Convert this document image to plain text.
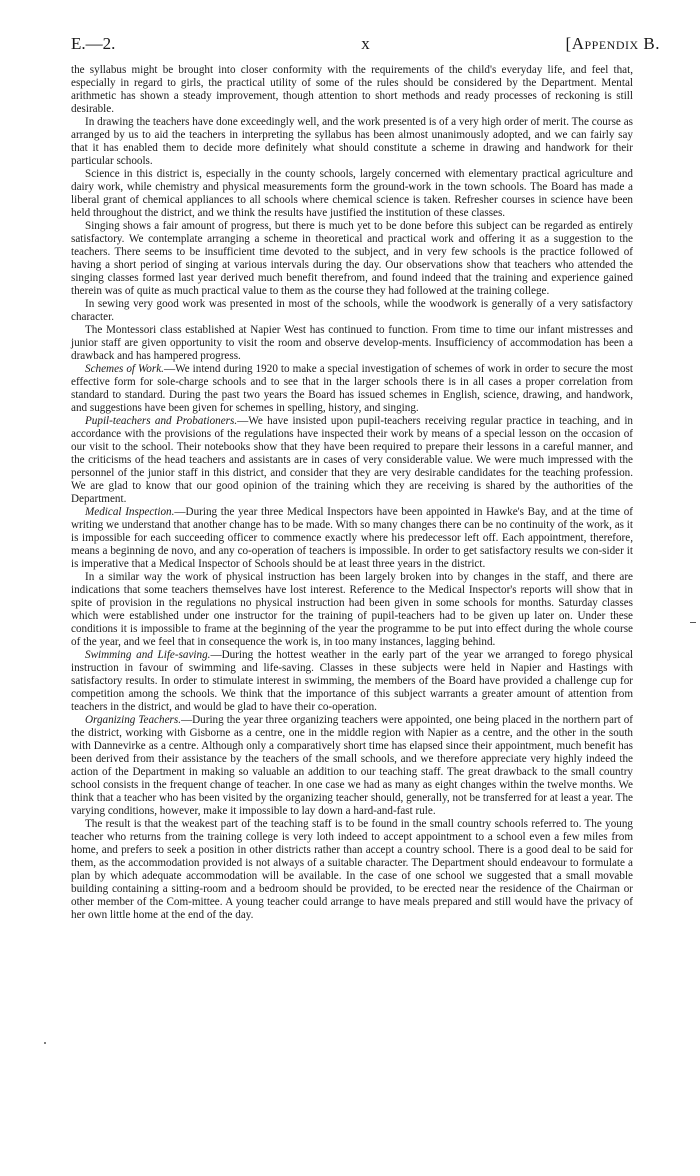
E.—2.	x	[Appendix B.

the syllabus might be brought into closer conformity with the requirements of the child's everyday life, and feel that, especially in regard to girls, the practical utility of some of the rules should be considered by the Department. Mental arithmetic has shown a steady improvement, though attention to short methods and ready processes of reckoning is still desirable.

In drawing the teachers have done exceedingly well, and the work presented is of a very high order of merit. The course as arranged by us to aid the teachers in interpreting the syllabus has been almost unanimously adopted, and we can fairly say that it has enabled them to decide more definitely what should constitute a scheme in drawing and handwork for their particular schools.

Science in this district is, especially in the county schools, largely concerned with elementary practical agriculture and dairy work, while chemistry and physical measurements form the ground-work in the town schools. The Board has made a liberal grant of chemical appliances to all schools where chemical science is taken. Refresher courses in science have been held throughout the district, and we think the results have justified the institution of these classes.

Singing shows a fair amount of progress, but there is much yet to be done before this subject can be regarded as entirely satisfactory. We contemplate arranging a scheme in theoretical and practical work and offering it as a suggestion to the teachers. There seems to be insufficient time devoted to the subject, and in very few schools is the practice followed of having a short period of singing at various intervals during the day. Our observations show that teachers who attended the singing classes formed last year derived much benefit therefrom, and found indeed that the training and experience gained therein was of quite as much practical value to them as the course they had followed at the training college.

In sewing very good work was presented in most of the schools, while the woodwork is generally of a very satisfactory character.

The Montessori class established at Napier West has continued to function. From time to time our infant mistresses and junior staff are given opportunity to visit the room and observe develop-ments. Insufficiency of accommodation has been a drawback and has hampered progress.

Schemes of Work.—We intend during 1920 to make a special investigation of schemes of work in order to secure the most effective form for sole-charge schools and to see that in the larger schools there is in all cases a proper correlation from standard to standard. During the past two years the Board has issued schemes in English, science, drawing, and handwork, and suggestions have been given for schemes in spelling, history, and singing.

Pupil-teachers and Probationers.—We have insisted upon pupil-teachers receiving regular practice in teaching, and in accordance with the provisions of the regulations have inspected their work by means of a special lesson on the occasion of our visit to the school. Their notebooks show that they have been required to prepare their lessons in a careful manner, and the criticisms of the head teachers and assistants are in cases of very considerable value. We were much impressed with the personnel of the junior staff in this district, and consider that they are very desirable candidates for the teaching profession. We are glad to know that our good opinion of the training which they are receiving is shared by the authorities of the Department.

Medical Inspection.—During the year three Medical Inspectors have been appointed in Hawke's Bay, and at the time of writing we understand that another change has to be made. With so many changes there can be no continuity of the work, as it is impossible for each succeeding officer to commence exactly where his predecessor left off. Each appointment, therefore, means a beginning de novo, and any co-operation of teachers is impossible. In order to get satisfactory results we con-sider it is imperative that a Medical Inspector of Schools should be at least three years in the district.

In a similar way the work of physical instruction has been largely broken into by changes in the staff, and there are indications that some teachers themselves have lost interest. Reference to the Medical Inspector's reports will show that in spite of provision in the regulations no physical instruction had been given in some schools for months. Saturday classes which were established under one instructor for the training of pupil-teachers had to be given up later on. Under these conditions it is impossible to frame at the beginning of the year the programme to be put into effect during the whole course of the year, and we feel that in consequence the work is, in too many instances, lagging behind.

Swimming and Life-saving.—During the hottest weather in the early part of the year we arranged to forego physical instruction in favour of swimming and life-saving. Classes in these subjects were held in Napier and Hastings with satisfactory results. In order to stimulate interest in swimming, the members of the Board have provided a challenge cup for competition among the schools. We think that the importance of this subject warrants a greater amount of attention from teachers in the district, and would be glad to have their co-operation.

Organizing Teachers.—During the year three organizing teachers were appointed, one being placed in the northern part of the district, working with Gisborne as a centre, one in the middle region with Napier as a centre, and the other in the south with Dannevirke as a centre. Although only a comparatively short time has elapsed since their appointment, much benefit has been derived from their assistance by the teachers of the small schools, and we therefore appreciate very highly indeed the action of the Department in making so valuable an addition to our teaching staff. The great drawback to the small country school consists in the frequent change of teacher. In one case we had as many as eight changes within the twelve months. We think that a teacher who has been visited by the organizing teacher should, generally, not be transferred for at least a year. The varying conditions, however, make it impossible to lay down a hard-and-fast rule.

The result is that the weakest part of the teaching staff is to be found in the small country schools referred to. The young teacher who returns from the training college is very loth indeed to accept appointment to a school even a few miles from home, and prefers to seek a position in other districts rather than accept a country school. There is a good deal to be said for them, as the accommodation provided is not always of a suitable character. The Department should endeavour to formulate a plan by which adequate accommodation will be available. In the case of one school we suggested that a small movable building containing a sitting-room and a bedroom should be provided, to be erected near the residence of the Chairman or other member of the Com-mittee. A young teacher could arrange to have meals prepared and still would have the privacy of her own little home at the end of the day.
